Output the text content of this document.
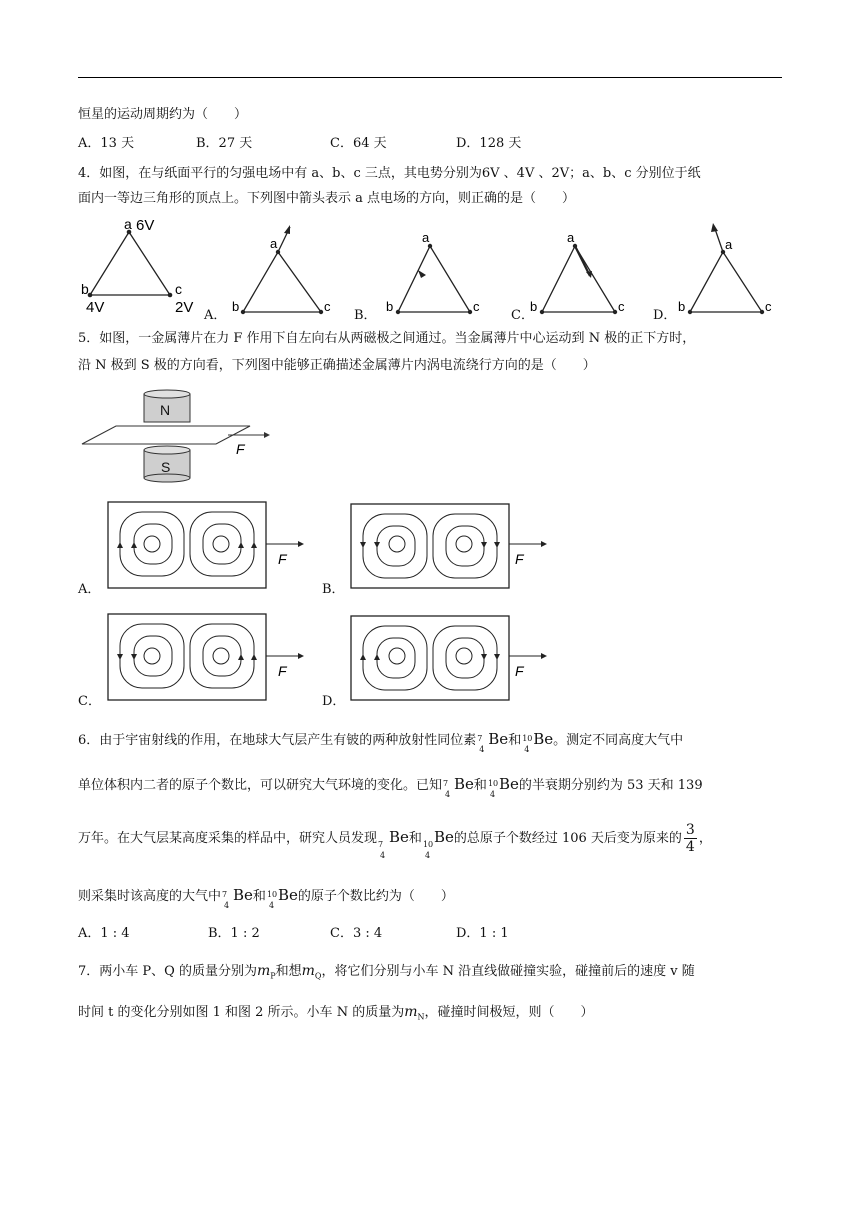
恒星的运动周期约为（　　）
A．13 天	B．27 天	C．64 天	D．128 天
4．如图，在与纸面平行的匀强电场中有 a、b、c 三点，其电势分别为6V 、4V 、2V；a、b、c 分别位于纸
面内一等边三角形的顶点上。下列图中箭头表示 a 点电场的方向，则正确的是（　　）
a 6V
b	c
4V	2V
a
b	c
a
b	c
a
b	c
a
b	c
A．	B．	C．	D．
5．如图，一金属薄片在力 F 作用下自左向右从两磁极之间通过。当金属薄片中心运动到 N 极的正下方时，
沿 N 极到 S 极的方向看，下列图中能够正确描述金属薄片内涡电流绕行方向的是（　　）
N
F
S
F	F
A．	B．
F	F
C．	D．
6．由于宇宙射线的作用，在地球大气层产生有铍的两种放射性同位素 7
4
Be和 10
4
Be。测定不同高度大气中
单位体积内二者的原子个数比，可以研究大气环境的变化。已知 7
4
Be和 10
4
Be的半衰期分别约为 53 天和 139
万年。在大气层某高度采集的样品中，研究人员发现 7
4
Be和 10
4
Be的总原子个数经过 106 天后变为原来的 $\frac{3}{4}$ ，
则采集时该高度的大气中 7
4
Be和 10
4
Be的原子个数比约为（　　）
A．1 : 4	B．1 : 2	C．3 : 4	D．1 : 1
7．两小车 P、Q 的质量分别为$m_P$和想$m_Q$，将它们分别与小车 N 沿直线做碰撞实验，碰撞前后的速度 v 随
时间 t 的变化分别如图 1 和图 2 所示。小车 N 的质量为$m_N$，碰撞时间极短，则（　　）
